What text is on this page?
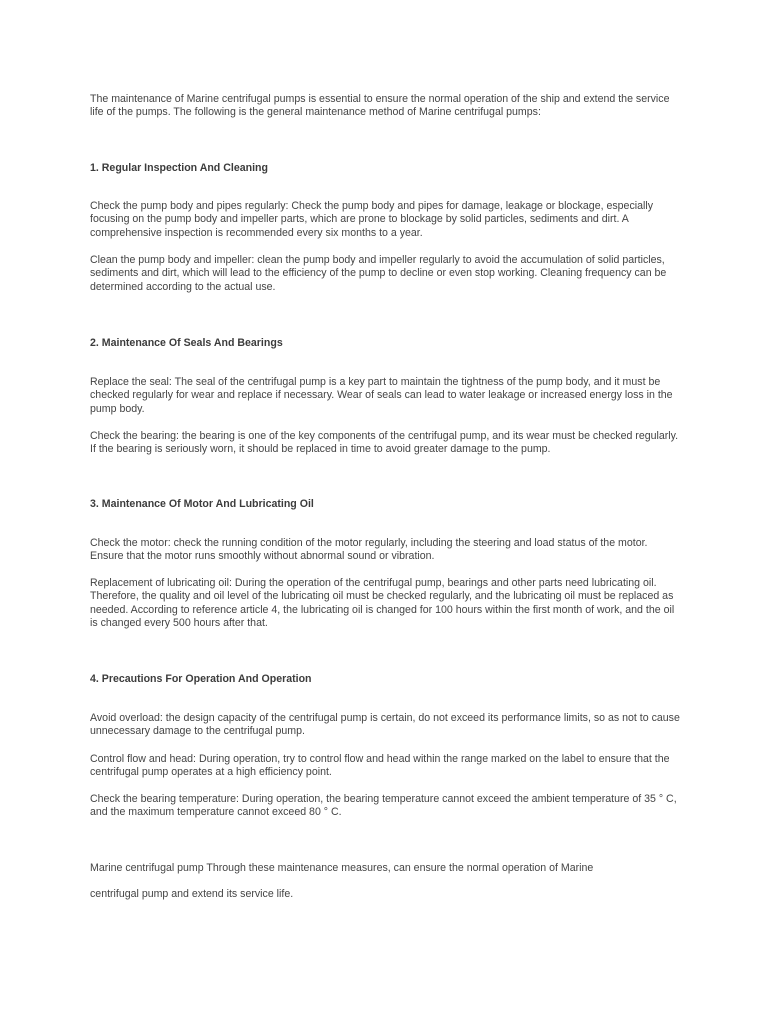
The maintenance of Marine centrifugal pumps is essential to ensure the normal operation of the ship and extend the service life of the pumps. The following is the general maintenance method of Marine centrifugal pumps:

1. Regular Inspection And Cleaning

Check the pump body and pipes regularly: Check the pump body and pipes for damage, leakage or blockage, especially focusing on the pump body and impeller parts, which are prone to blockage by solid particles, sediments and dirt. A comprehensive inspection is recommended every six months to a year.

Clean the pump body and impeller: clean the pump body and impeller regularly to avoid the accumulation of solid particles, sediments and dirt, which will lead to the efficiency of the pump to decline or even stop working. Cleaning frequency can be determined according to the actual use.

2. Maintenance Of Seals And Bearings

Replace the seal: The seal of the centrifugal pump is a key part to maintain the tightness of the pump body, and it must be checked regularly for wear and replace if necessary. Wear of seals can lead to water leakage or increased energy loss in the pump body.

Check the bearing: the bearing is one of the key components of the centrifugal pump, and its wear must be checked regularly. If the bearing is seriously worn, it should be replaced in time to avoid greater damage to the pump.

3. Maintenance Of Motor And Lubricating Oil

Check the motor: check the running condition of the motor regularly, including the steering and load status of the motor. Ensure that the motor runs smoothly without abnormal sound or vibration.

Replacement of lubricating oil: During the operation of the centrifugal pump, bearings and other parts need lubricating oil. Therefore, the quality and oil level of the lubricating oil must be checked regularly, and the lubricating oil must be replaced as needed. According to reference article 4, the lubricating oil is changed for 100 hours within the first month of work, and the oil is changed every 500 hours after that.

4. Precautions For Operation And Operation

Avoid overload: the design capacity of the centrifugal pump is certain, do not exceed its performance limits, so as not to cause unnecessary damage to the centrifugal pump.

Control flow and head: During operation, try to control flow and head within the range marked on the label to ensure that the centrifugal pump operates at a high efficiency point.

Check the bearing temperature: During operation, the bearing temperature cannot exceed the ambient temperature of 35 ° C, and the maximum temperature cannot exceed 80 ° C.

Marine centrifugal pump Through these maintenance measures, can ensure the normal operation of Marine

centrifugal pump and extend its service life.
